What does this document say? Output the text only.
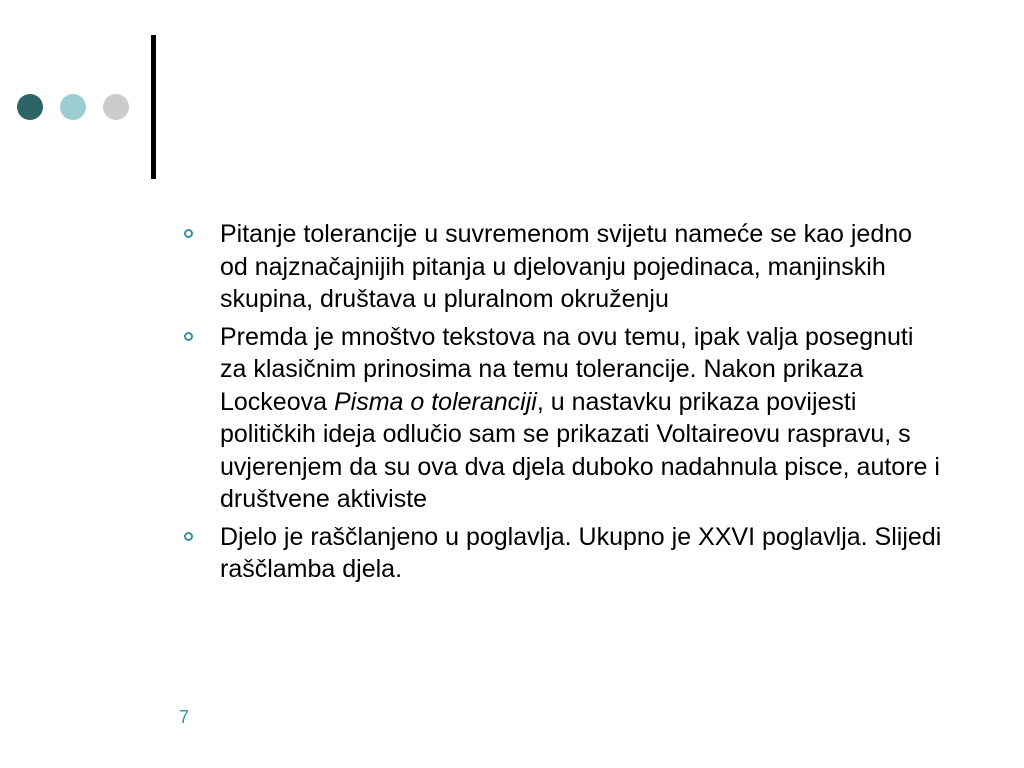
Pitanje tolerancije u suvremenom svijetu nameće se kao jedno od najznačajnijih pitanja u djelovanju pojedinaca, manjinskih skupina, društava u pluralnom okruženju
Premda je mnoštvo tekstova na ovu temu, ipak valja posegnuti za klasičnim prinosima na temu tolerancije. Nakon prikaza Lockeova Pisma o toleranciji, u nastavku prikaza povijesti političkih ideja odlučio sam se prikazati Voltaireovu raspravu, s uvjerenjem da su ova dva djela duboko nadahnula pisce, autore i društvene aktiviste
Djelo je raščlanjeno u poglavlja. Ukupno je XXVI poglavlja. Slijedi raščlamba djela.
7
